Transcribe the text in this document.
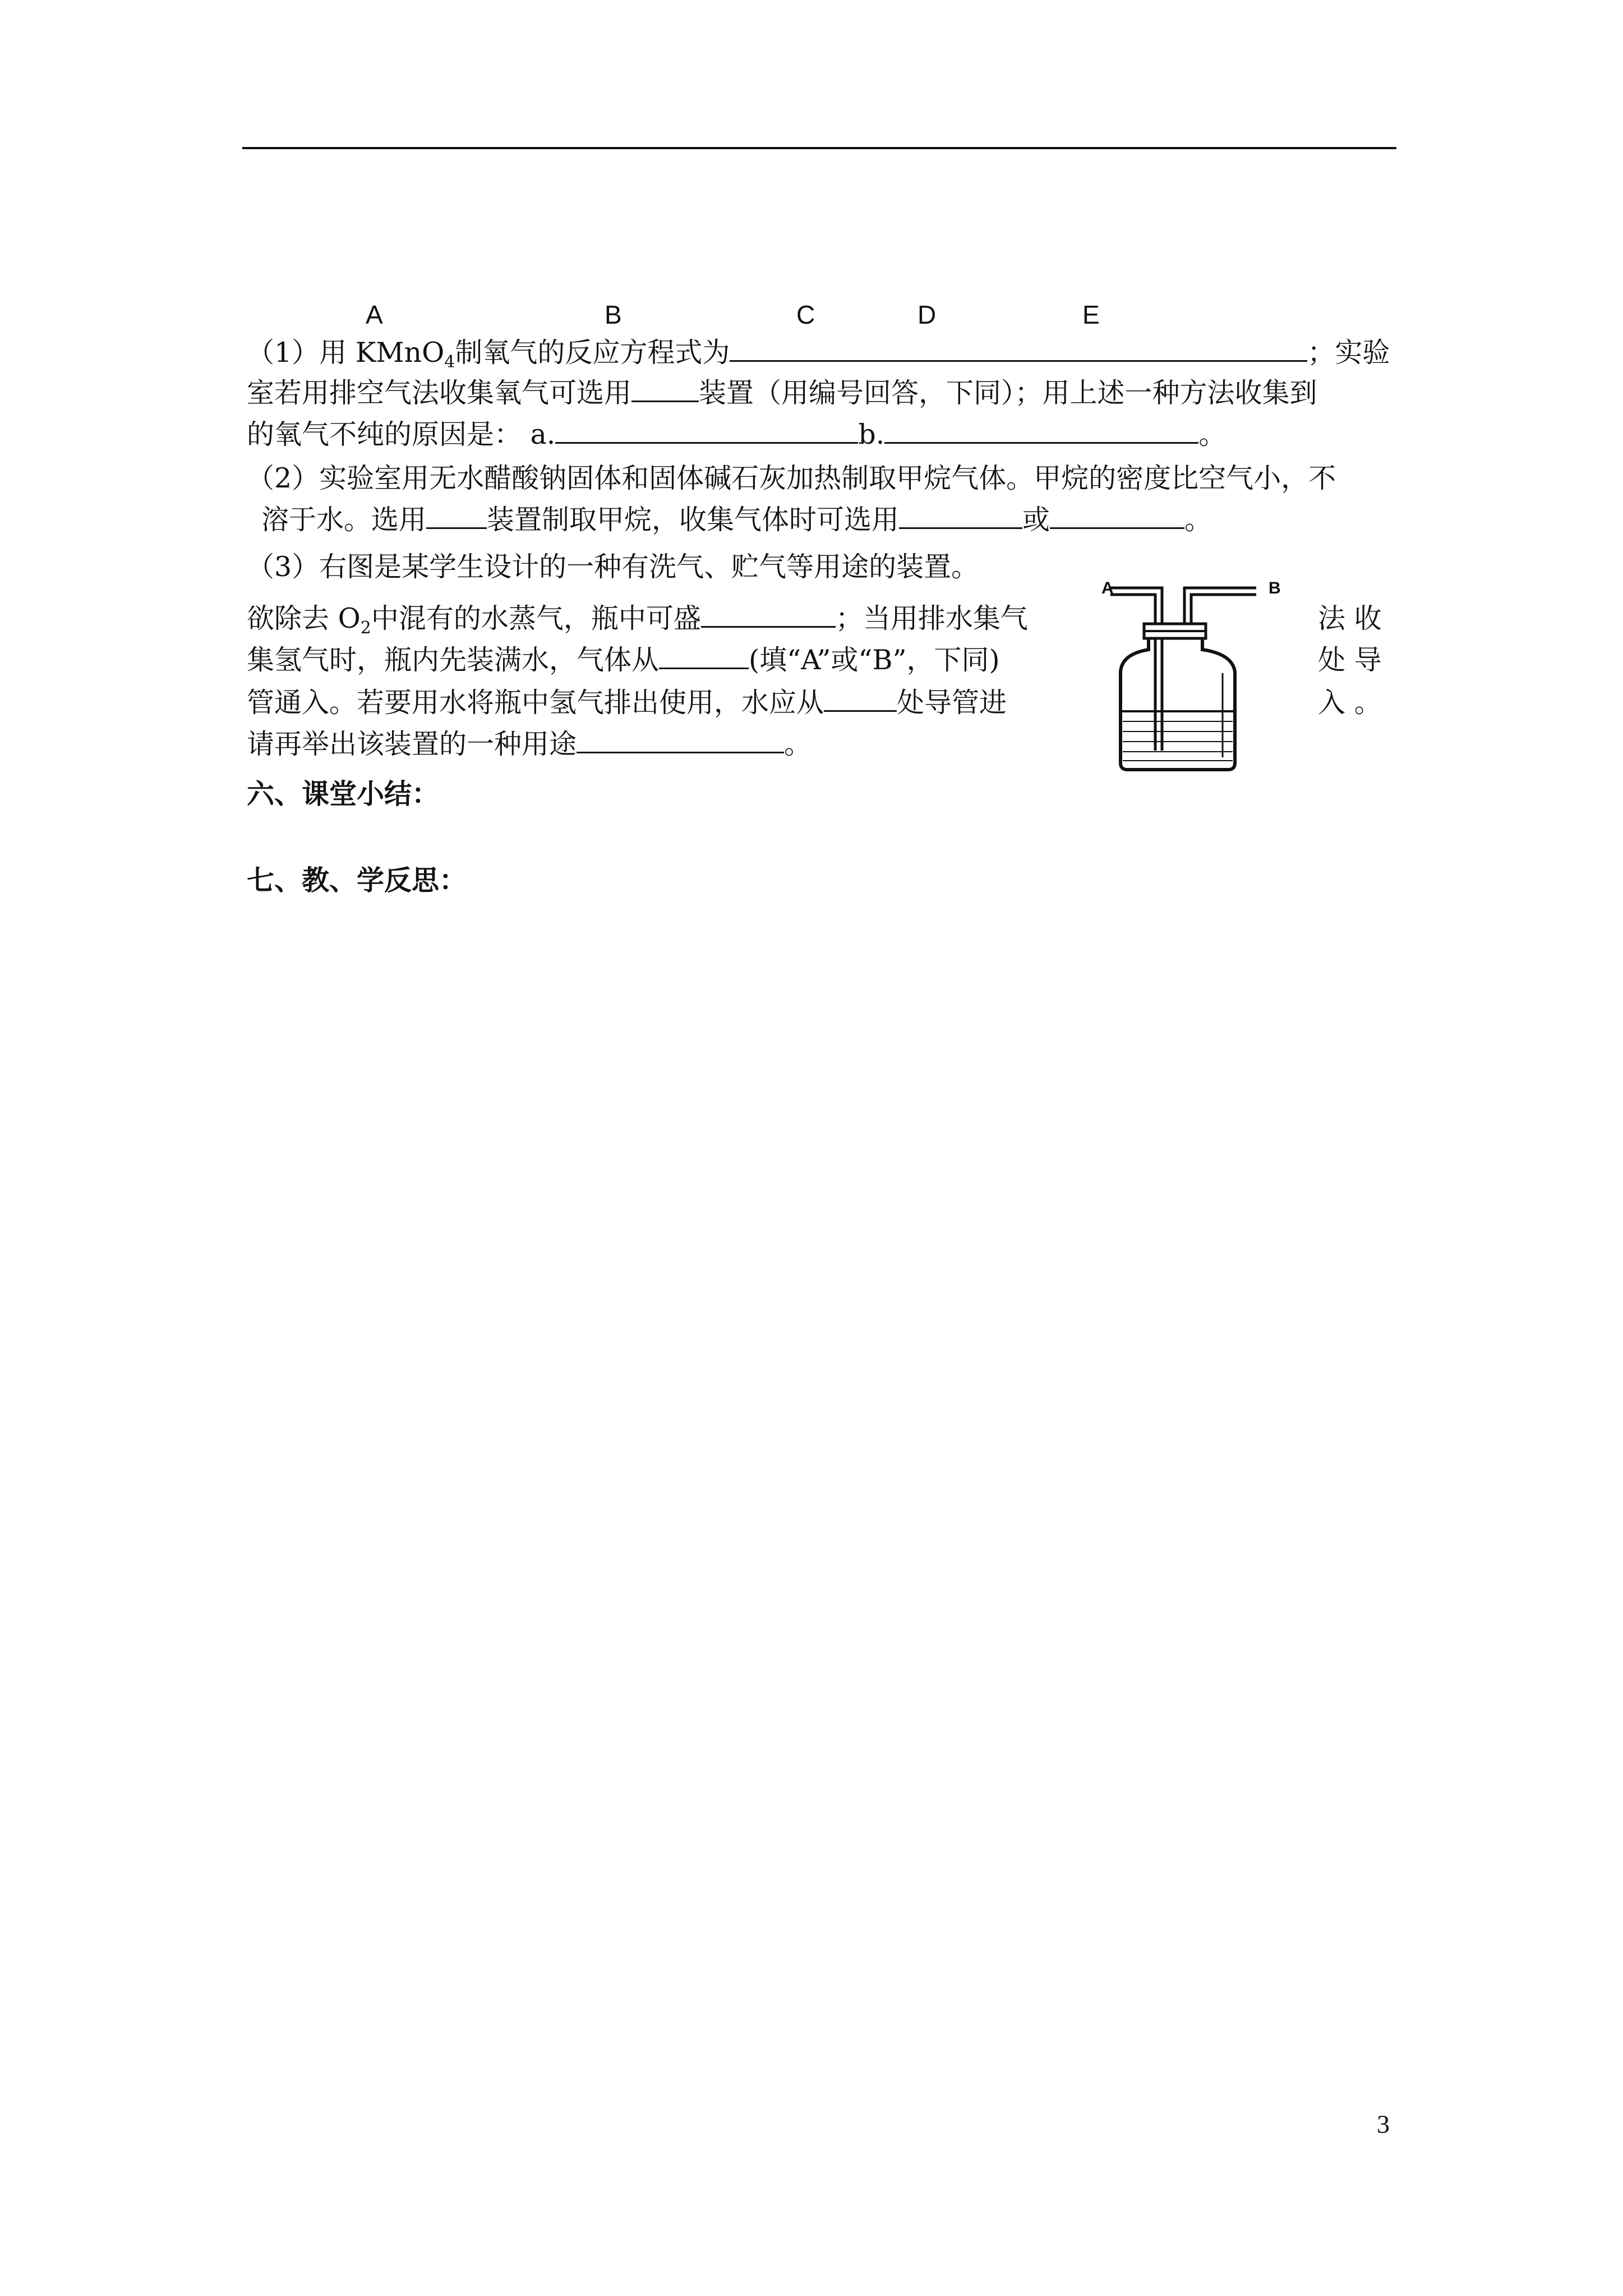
A	B	C	D	E
（1）用 KMnO$_4$制氧气的反应方程式为	；实验
室若用排空气法收集氧气可选用 装置（用编号回答，下同）；用上述一种方法收集到
的氧气不纯的原因是： a.	b.	。
（2）实验室用无水醋酸钠固体和固体碱石灰加热制取甲烷气体。甲烷的密度比空气小，不
溶于水。选用 装置制取甲烷，收集气体时可选用	或	。
（3）右图是某学生设计的一种有洗气、贮气等用途的装置。
欲除去 $O_2$中混有的水蒸气，瓶中可盛	；当用排水集气	法 收
集氢气时，瓶内先装满水，气体从	(填“A”或“B”，下同)	处 导
管通入。若要用水将瓶中氢气排出使用，水应从	处导管进	入 。
请再举出该装置的一种用途	。
A	B
六、课堂小结：
七、教、学反思：
3
